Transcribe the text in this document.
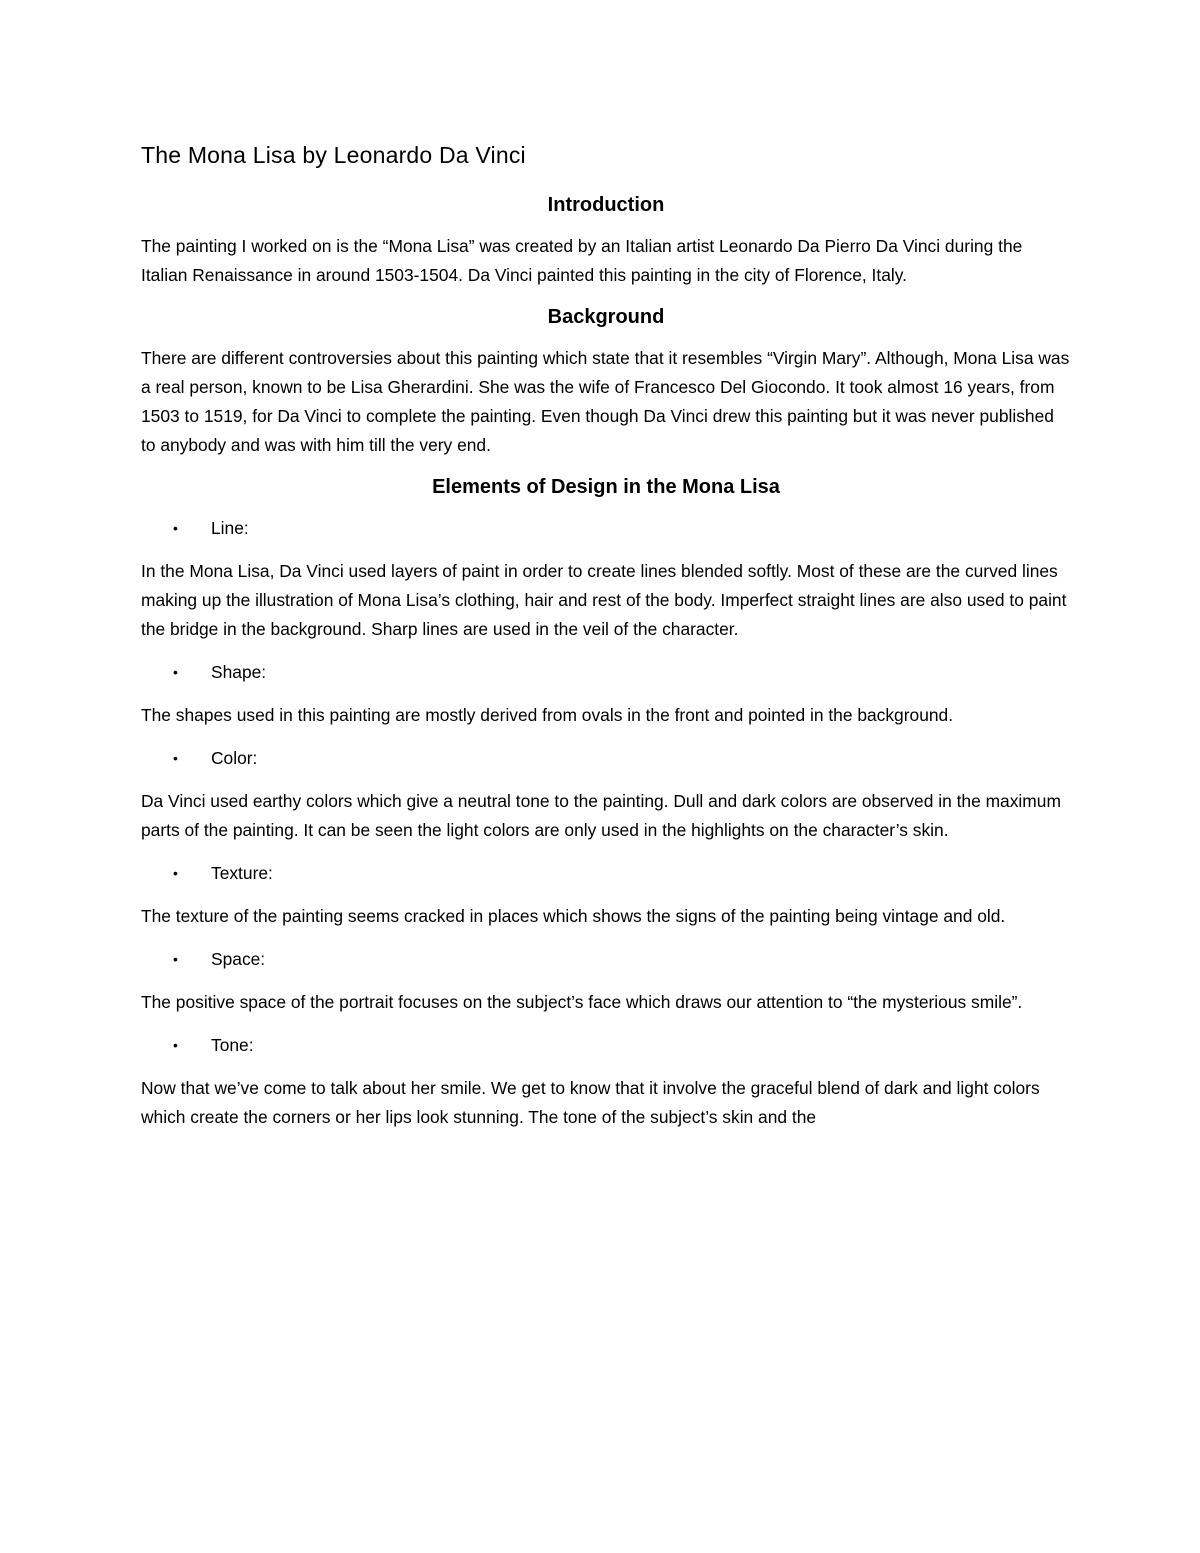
The Mona Lisa by Leonardo Da Vinci
Introduction
The painting I worked on is the “Mona Lisa” was created by an Italian artist Leonardo Da Pierro Da Vinci during the Italian Renaissance in around 1503-1504. Da Vinci painted this painting in the city of Florence, Italy.
Background
There are different controversies about this painting which state that it resembles “Virgin Mary”. Although, Mona Lisa was a real person, known to be Lisa Gherardini. She was the wife of Francesco Del Giocondo. It took almost 16 years, from 1503 to 1519, for Da Vinci to complete the painting. Even though Da Vinci drew this painting but it was never published to anybody and was with him till the very end.
Elements of Design in the Mona Lisa
•	Line:
In the Mona Lisa, Da Vinci used layers of paint in order to create lines blended softly. Most of these are the curved lines making up the illustration of Mona Lisa’s clothing, hair and rest of the body. Imperfect straight lines are also used to paint the bridge in the background. Sharp lines are used in the veil of the character.
•	Shape:
The shapes used in this painting are mostly derived from ovals in the front and pointed in the background.
•	Color:
Da Vinci used earthy colors which give a neutral tone to the painting. Dull and dark colors are observed in the maximum parts of the painting. It can be seen the light colors are only used in the highlights on the character’s skin.
•	Texture:
The texture of the painting seems cracked in places which shows the signs of the painting being vintage and old.
•	Space:
The positive space of the portrait focuses on the subject’s face which draws our attention to “the mysterious smile”.
•	Tone:
Now that we’ve come to talk about her smile. We get to know that it involve the graceful blend of dark and light colors which create the corners or her lips look stunning. The tone of the subject’s skin and the
